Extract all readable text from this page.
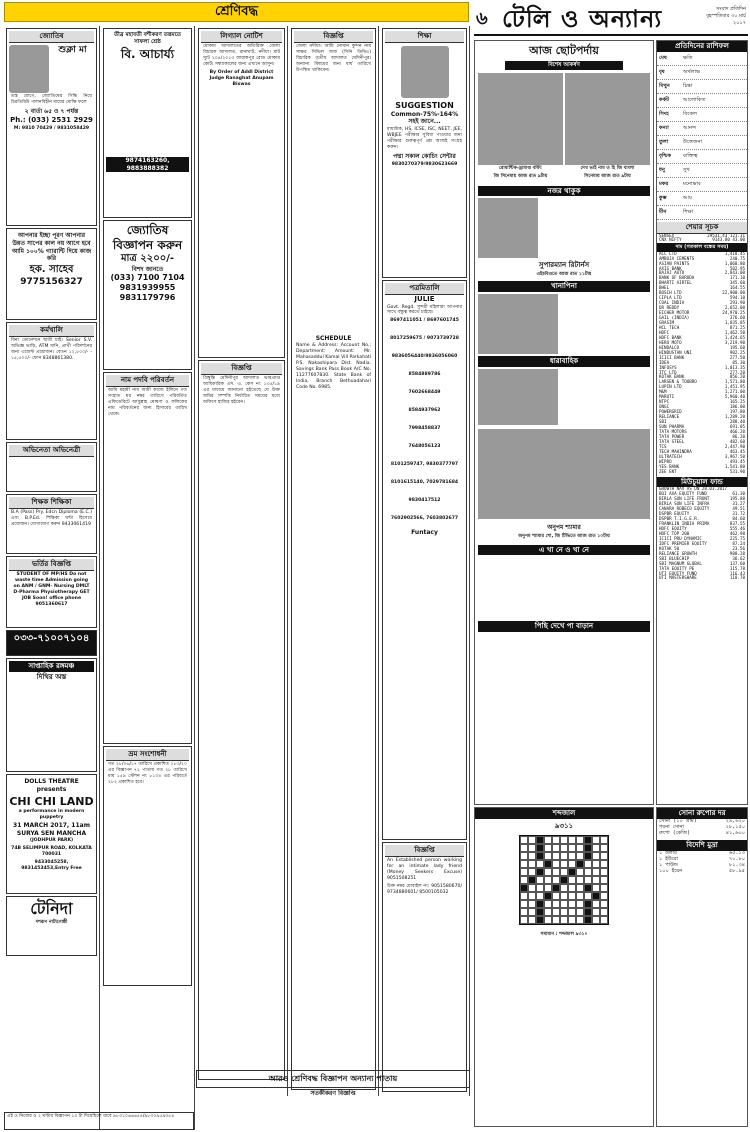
শ্রেণিবদ্ধ	৬ টেলি ও অন্যান্য	সংবাদ প্রতিদিন
বৃহস্পতিবার ৩০ মার্চ ২০১৭
জ্যোতিষ
শুক্লা মা
তন্ত্র যোগে, জ্যোতিষের সিদ্ধি নিয়ে চিরতিরিউ পালনবিহীন মায়ের মোক্ষি ফলে
২ বার্তা ৬৫ ও ৭ পর্যন্ত
Ph.: (033) 2531 2929
M: 9810 70429 / 9831058429
আপনার ইচ্ছা পূরণ আপনার উন্নত সাপের কাল নয় আগে হবে আমি ১০০% গ্যারান্টি দিয়ে কাজ করি
হক. সাহেব
9775156327
কর্মখালি
বিনা ডোনেশনে ছাত্রী চাই। Senior S.V. অভিজ্ঞ ভাড়ি, ATM মানি, প্রার্থী পরিদর্শনের জন্য এজেন্ট প্রয়োজন। বেতন ১২,৫০০/- - ১৫,৫০০/- ফোন 8348861380.
অভিনেতা অভিনেত্রী
শিক্ষক শিক্ষিকা
B.A (Pass) Pry. Edcn Diploma (E.C.) এবং B.P.Ed. শিক্ষিকা ঘন্টা হিসেবে প্রয়োজন। যোগাযোগ করুন 9433061419
ভর্তির বিজ্ঞপ্তি
STUDENT OF MP/HS Do not waste time Admission going on ANM / GNM- Nursing DMLT D-Pharma Physiotherapy GET JOB Soon! office phone 9051360617
০৩৩-৭১০০৭১০৪
সাপ্তাহিক রঙ্গমঞ্চ
দিথির অস্ত
DOLLS THEATRE presents
CHI CHI LAND
a performance in modern puppetry
31 MARCH 2017, 11am
SURYA SEN MANCHA
(JODHPUR PARK)
74B SELIMPUR ROAD, KOLKATA 700031
9433045258, 9831453453,Entry Free
টেনিদা
দশরূপ নাট্যগোষ্ঠী
তীব্র মহাবতী বশীকরণ তন্ত্রমতে সাফল্য শ্রেষ্ঠ
বি. আচার্য্য
9874163260, 9883888382
জ্যোতিষ বিজ্ঞাপন করুন
মাত্র ২২০০/-
বিশদ জানতে
(033) 7100 7104
9831939955
9831179796
নাম পদবি পরিবর্তন
আমি মহামী নাম আমী কাজে ইলিনে গত সংহাত ঘর নম্বর তারিখে পরিবর্তিত এফিডেবিটে আবুল্লাহ ঘোষণা ও ফলিকের নাম পরিবর্তনের জন্য হিসাবের তারিখ থেকে।
ভ্রম সংশোধনী
গত ২৮/০৬/১৭ তারিখে প্রকাশিত ২৮৩/২০ এর বিজ্ঞাপন ৭২ পাতায় গত ২৮ তারিখে মাম ১৫৯ স্টেশন নং ৮১০৪ এর পরিবর্তে ২৮২ প্রকাশিত হবে।
লিগ্যাল নোটিশ
মোকাম আদালতের অতিরিক্ত জেলা বিচারক আদালত, রানাঘাট, নদীয়া। মাট স্যুট ২০৪/২০১৩ ব্যারাকপুর রোড মোকাম কোর্ট। সন্ধ্যাকালের জন্য এখানে আসুন।
By Order of Addl District Judge Ranaghat Anupam Biswas
বিজ্ঞপ্তি
গ্রিম্বুন্তি মেদিনীপুর আদালত ভারপ্রাপ্ত আধিকারিক এস. এ. কেস নং ১৩৫/১৯ এর মাধ্যমে জানানো হইতেছে যে উক্ত জমির সম্পত্তি নির্ধারিত সময়ের মধ্যে অফিসে হাজির হইবেন।
বিজ্ঞপ্তি
জেলা নদীয়া। আমি নোমান কুন্দন নাম সাক্ষর সিভিল জজ (সিনি ডিভিঃ) বিচারিক তৃতীয় আদালত মেদিনীপুর। অন্যান্য বিষয়ের জন্য ধার্য তারিখে উপস্থিত থাকিবেন।
SCHEDULE
Name & Address: Account No.: Department: Amount: Mr. Mahasaddul Kamal Vill Parkahati P.S. Nakashipara Dist. Nadia. Savings Bank Pass Book A/C No. 11277607830. State Bank of India, Branch Bethuadahari Code No. 6985.
শিক্ষা
SUGGESTION
Common-75%-164% সহই জানে...
মাধ্যমিক, HS, ICSE, ISC, NEET, JEE, WBJEE পরীক্ষার সুবিধা পাওয়ার জন্য পরীক্ষার গুরুত্বপূর্ণ প্রশ্ন আজই সংগ্রহ করুন।
পদ্মা সকাল কোচিং সেন্টার
9830270379/9830623669
পত্রমিতালি
JULIE
Govt. Regd. সুন্দরী মহিলারা আপনার সাথে বন্ধুত্ব করতে চাইছে।
8697411051 / 8697601745
8017259675 / 9073739728
9836056440/9836056060
8584889786
7602668449
8584937962
7998458837
7648056123
8101259747, 9830377797
8101615140, 7029781684
9830417512
7602902566, 7603802677
Funtacy
বিজ্ঞপ্তি
An Established person working for an intimate lady friend (Money Seekers Excuse) 9051508251
উক্ত নম্বর মোবাইল নং: 9051580670/ 9734880601/ 8500105032
আরও শ্রেণিবদ্ধ বিজ্ঞাপন অন্যান্য পাতায়
সতর্কীকরণ বিজ্ঞপ্তি
এই ও নিজের ও ২ ঘণ্টার বিজ্ঞাপন ১০ টা দিয়েছিলে যাবে ৯৮৩১০৬৬৬৫৪/৯৮৩০৯৫৯৩৫৪
আজ ছোটপর্দায়
বিশেষ আকর্ষণ
রোমান্টিক-ড্রামাপ্ত বর্ফি!
জি সিনেমায় আজ রাত ৯টায়
দেখ ভাই নাম ত হি জি বাংলা
সিনেমায় আজ রাত ৯টায়
নজর থাকুক
সুপারম্যান রিটার্নস
এইচবিওতে আজ রাত ১১টায়
খানাপিনা
ধারাবাহিক
অনুপম শ্যামার
অনুপম শ্যামার শো, জি টিভিতে আজ রাত ১০টায়
এ খা নে ও খা নে
পিছি দেখে পা বাড়ান
শব্দজাল
৯৩১১
সমাধান : শব্দজাল ৯৩১০
প্রতিদিনের রাশিফল
মেষ	ক্ষতি
বৃষ	অর্থলাভ
মিথুন	চিন্তা
কর্কট	আলোকিত
সিংহ	বিকেল
কন্যা	আনন্দ
তুলা	উত্তেজনা
বৃশ্চিক	ব্যক্তিত্ব
ধনু	সুখ
মকর	মনোভাব
কুম্ভ	আয়
মীন	শিক্ষা
শেয়ার সূচক
SENSEX	29531.43 121.31
CNX NIFTY	9143.80 43.00
দাম (গতকাল বন্ধের সময়)
ACC LTD	1,418.45
AMBUJA CEMENTS	240.75
ASIAN PAINTS	1,068.80
AXIS BANK	502.95
BAJAJ AUTO	2,843.00
BANK OF BARODA	171.10
BHARTI AIRTEL	345.60
BHEL	164.55
BOSCH LTD	22,900.00
CIPLA LTD	594.10
COAL INDIA	293.90
DR REDDY	2,652.00
EICHER MOTOR	24,970.25
GAIL (INDIA)	376.60
GRASIM	1,035.85
HCL TECH	871.25
HDFC	1,462.50
HDFC BANK	1,424.65
HERO MOTO	3,219.90
HINDALCO	195.60
HINDUSTAN UNI	902.25
ICICI BANK	277.50
IDEA	85.30
INFOSYS	1,013.35
ITC LTD	277.20
KOTAK BANK	856.20
LARSEN & TOUBRO	1,571.80
LUPIN LTD	1,451.95
M&M	1,271.00
MARUTI	5,960.40
NTPC	165.25
ONGC	186.00
POWERGRID	197.80
RELIANCE	1,289.20
SBI	288.40
SUN PHARMA	691.05
TATA MOTORS	466.20
TATA POWER	86.20
TATA STEEL	482.60
TCS	2,447.90
TECH MAHINDRA	463.45
ULTRATECH	3,967.50
WIPRO	493.45
YES BANK	1,541.80
ZEE ENT	531.90
মিউচুয়াল ফান্ড
GROWTH NAV AS ON 28.03.2017
BOI AXA EQUITY FUND	61.30
BIRLA SUN LIFE FRONT	195.88
BIRLA SUN LIFE INFRA	31.27
CANARA ROBECO EQUITY	49.51
DSPBR EQUITY	31.72
DSPBR T.I.G.E.R.	84.60
FRANKLIN INDIA PRIMA	837.55
HDFC EQUITY	555.46
HDFC TOP 200	462.98
ICICI PRU DYNAMIC	225.75
IDFC PREMIER EQUITY	87.24
KOTAK 50	23.56
RELIANCE GROWTH	988.28
SBI BLUECHIP	36.62
SBI MAGNUM GLOBAL	137.60
TATA EQUITY PE	115.78
UTI EQUITY FUND	116.43
UTI MASTERSHARE	118.70
সোনা রুপোর দর
সোনা (১০ গ্রাম)	২৯,৬২০
গয়না সোনা	২৮,১৫০
রুপো (কেজি)	৪১,৬০০
বিদেশি মুদ্রা
১ ডলার	৬৫.১৩
১ ইউরো	৭০.৮০
১ পাউন্ড	৮১.৩৪
১০০ ইয়েন	৫৮.৯৫
